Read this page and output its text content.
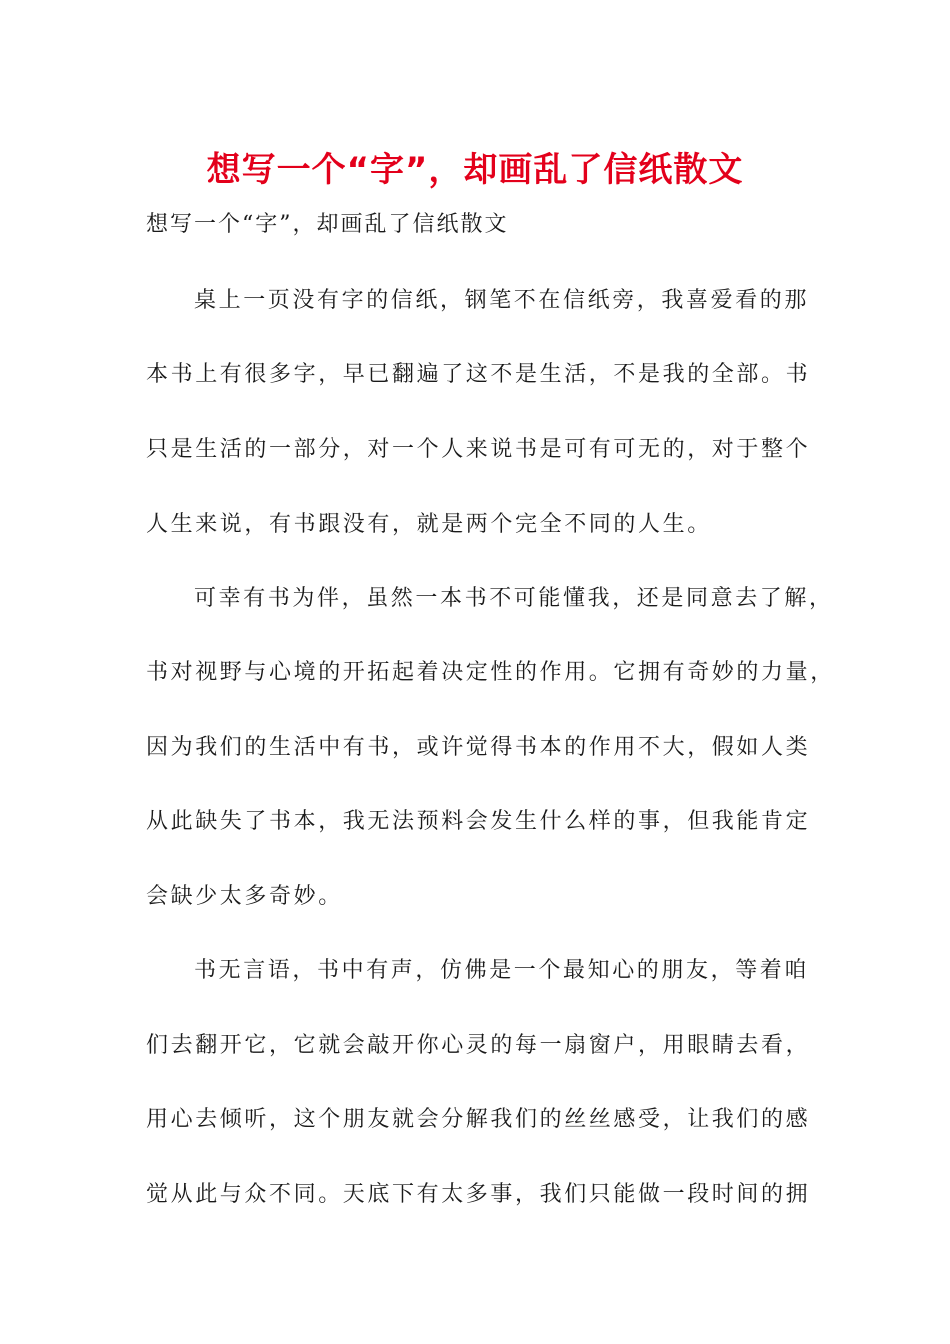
想写一个“字”，却画乱了信纸散文
想写一个“字”，却画乱了信纸散文
桌上一页没有字的信纸，钢笔不在信纸旁，我喜爱看的那
本书上有很多字，早已翻遍了这不是生活，不是我的全部。书
只是生活的一部分，对一个人来说书是可有可无的，对于整个
人生来说，有书跟没有，就是两个完全不同的人生。
可幸有书为伴，虽然一本书不可能懂我，还是同意去了解，
书对视野与心境的开拓起着决定性的作用。它拥有奇妙的力量，
因为我们的生活中有书，或许觉得书本的作用不大，假如人类
从此缺失了书本，我无法预料会发生什么样的事，但我能肯定
会缺少太多奇妙。
书无言语，书中有声，仿佛是一个最知心的朋友，等着咱
们去翻开它，它就会敲开你心灵的每一扇窗户，用眼睛去看，
用心去倾听，这个朋友就会分解我们的丝丝感受，让我们的感
觉从此与众不同。天底下有太多事，我们只能做一段时间的拥
